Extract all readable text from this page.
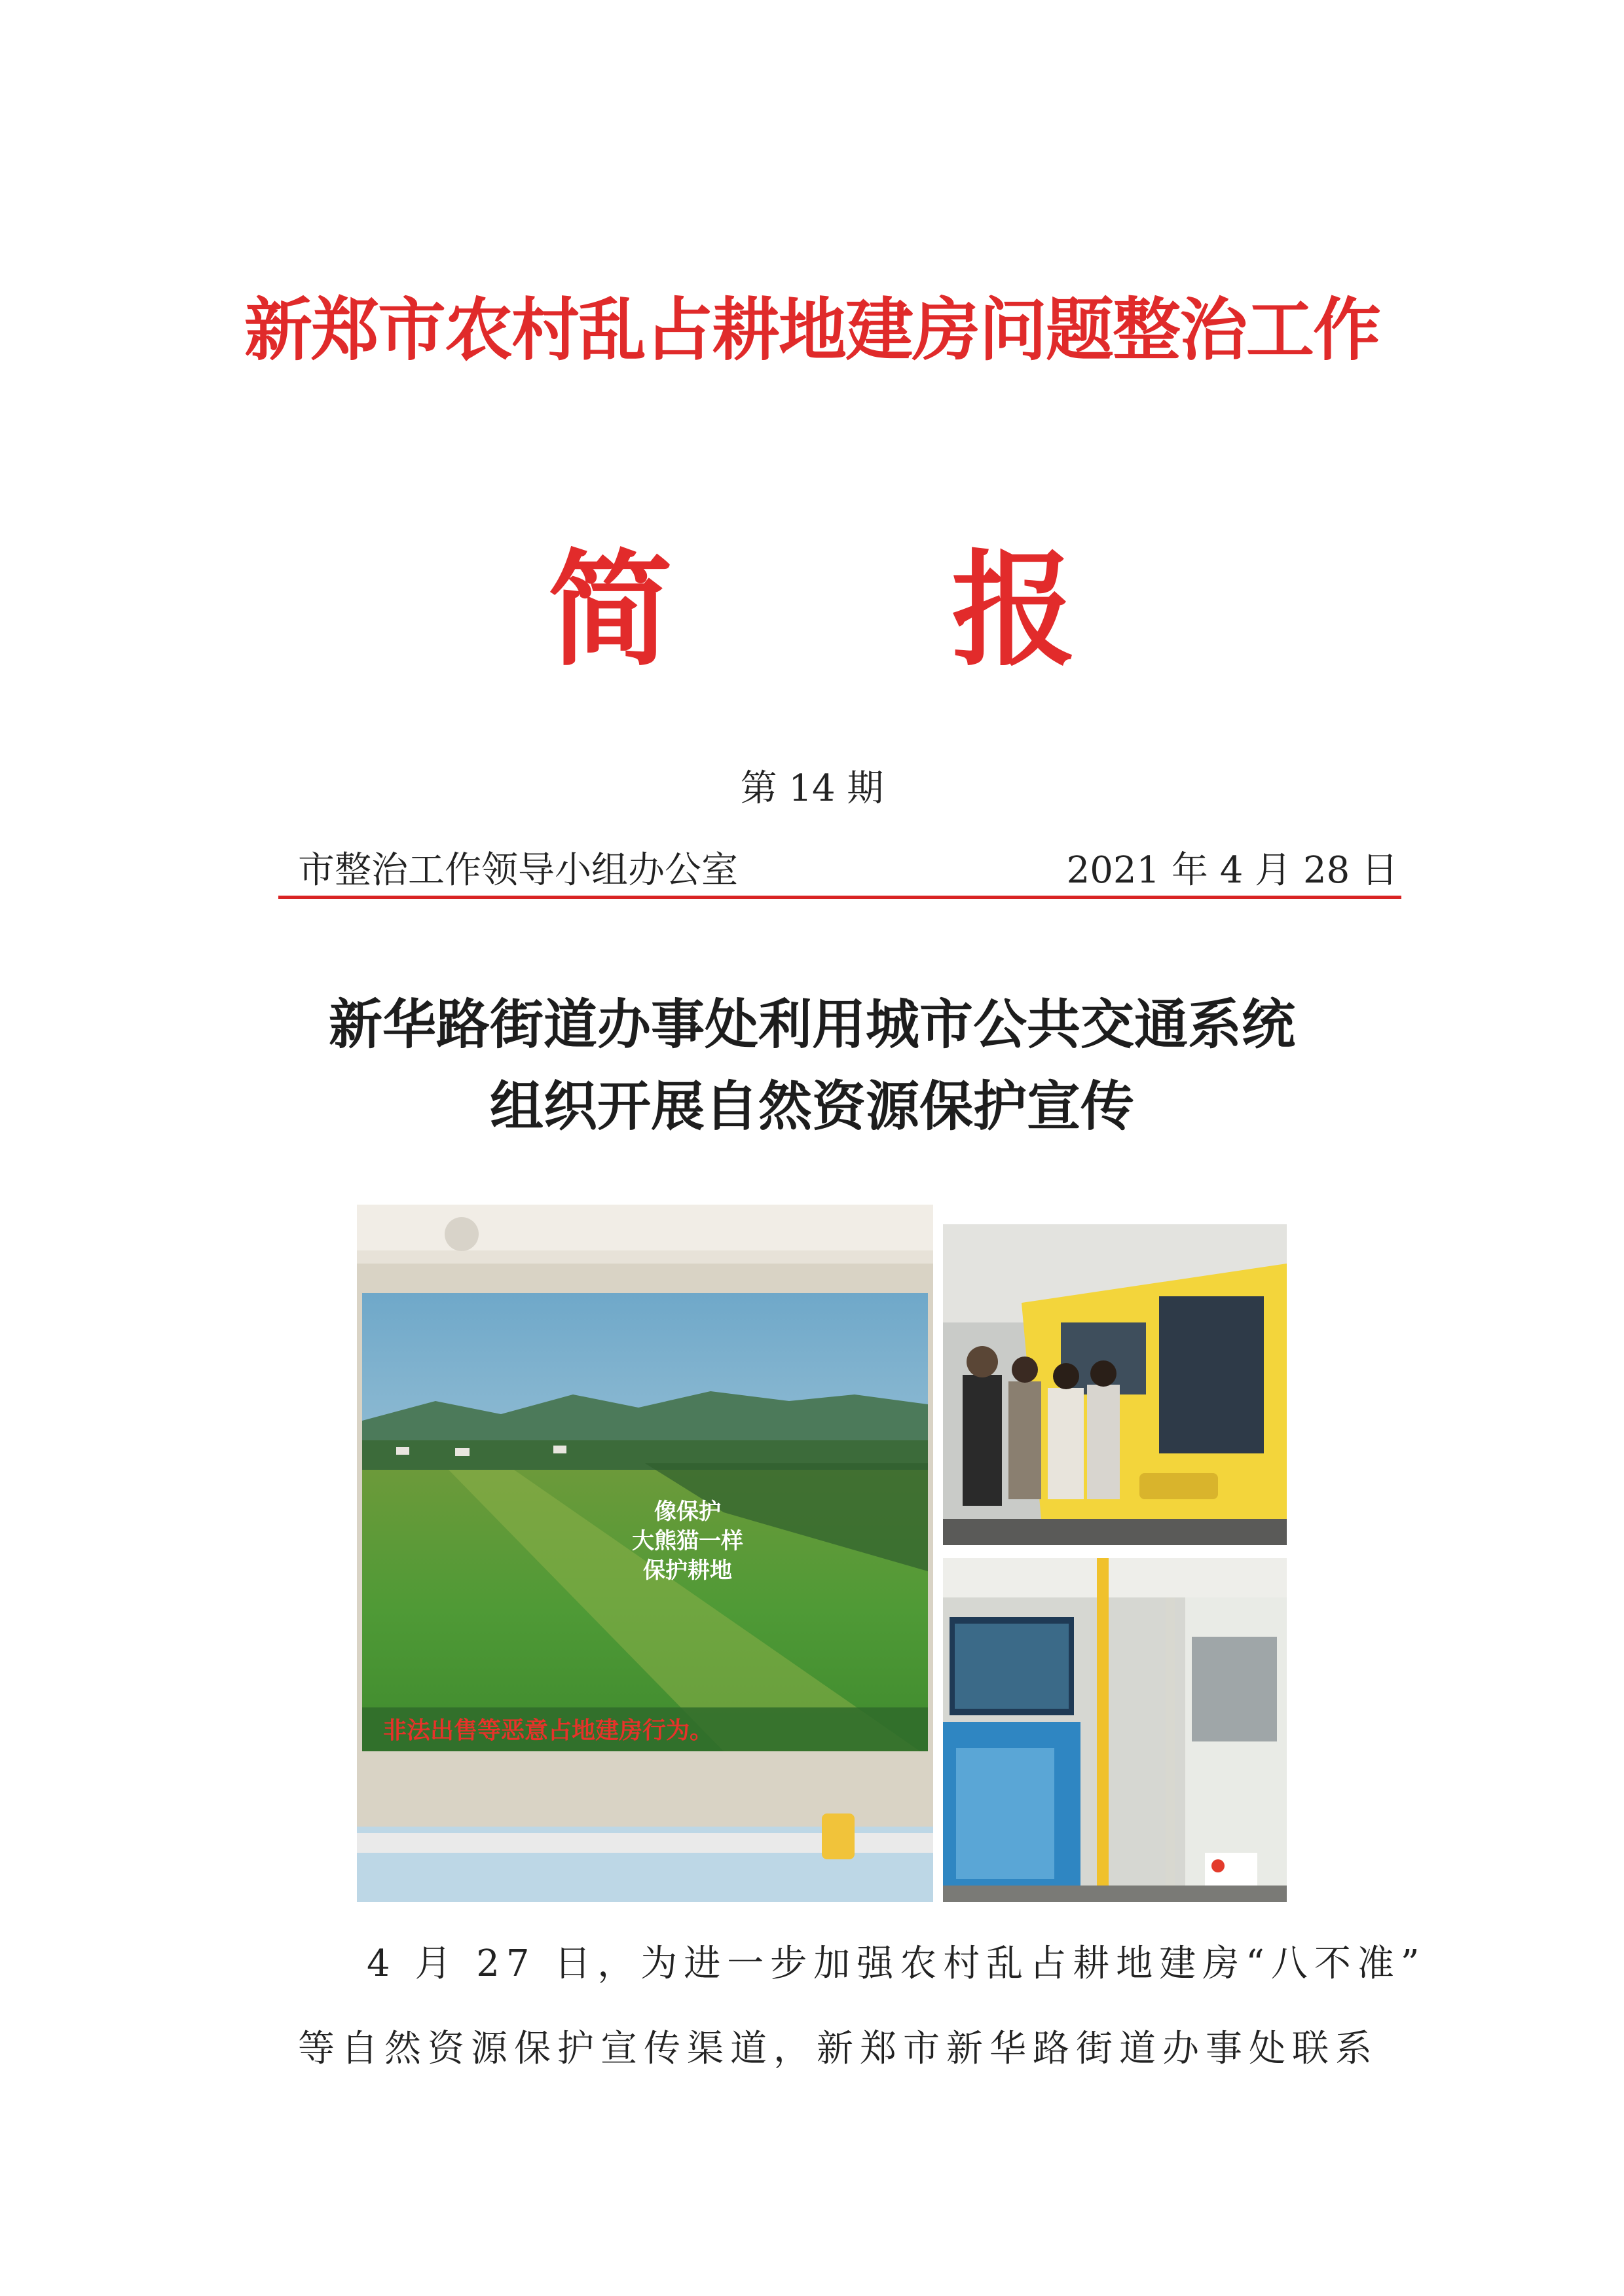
新郑市农村乱占耕地建房问题整治工作
简 报
第 14 期
市整治工作领导小组办公室	2021 年 4 月 28 日
新华路街道办事处利用城市公共交通系统
组织开展自然资源保护宣传
像保护
大熊猫一样
保护耕地
非法出售等恶意占地建房行为。
4 月 27 日，为进一步加强农村乱占耕地建房“八不准”
等自然资源保护宣传渠道，新郑市新华路街道办事处联系
